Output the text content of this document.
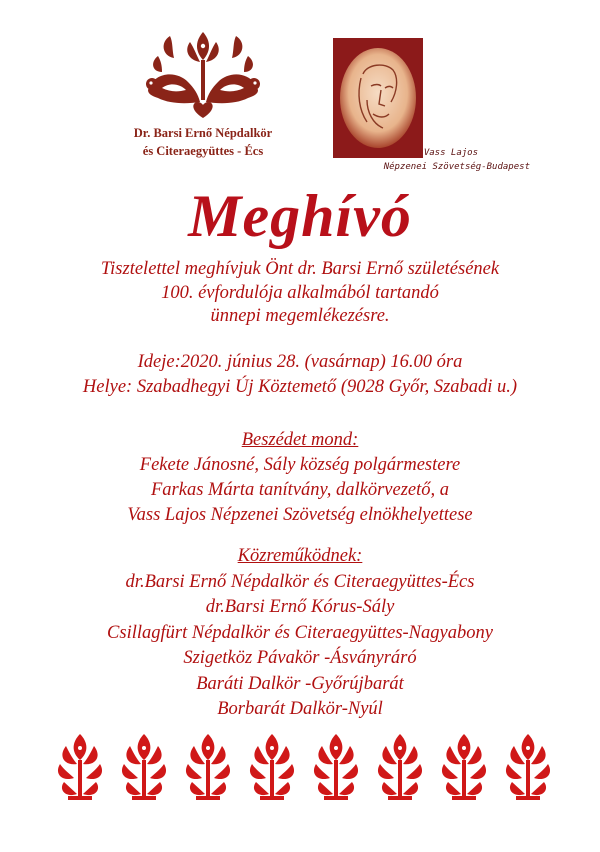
Dr. Barsi Ernő Népdalkör
és Citeraegyüttes - Écs	Vass Lajos
Népzenei Szövetség-Budapest
Meghívó
Tisztelettel meghívjuk Önt dr. Barsi Ernő születésének
100. évfordulója alkalmából tartandó
ünnepi megemlékezésre.
Ideje:2020. június 28. (vasárnap) 16.00 óra
Helye: Szabadhegyi Új Köztemető (9028 Győr, Szabadi u.)
Beszédet mond:
Fekete Jánosné, Sály község polgármestere
Farkas Márta tanítvány, dalkörvezető, a
Vass Lajos Népzenei Szövetség elnökhelyettese
Közreműködnek:
dr.Barsi Ernő Népdalkör és Citeraegyüttes-Écs
dr.Barsi Ernő Kórus-Sály
Csillagfürt Népdalkör és Citeraegyüttes-Nagyabony
Szigetköz Pávakör -Ásványráró
Baráti Dalkör -Győrújbarát
Borbarát Dalkör-Nyúl
